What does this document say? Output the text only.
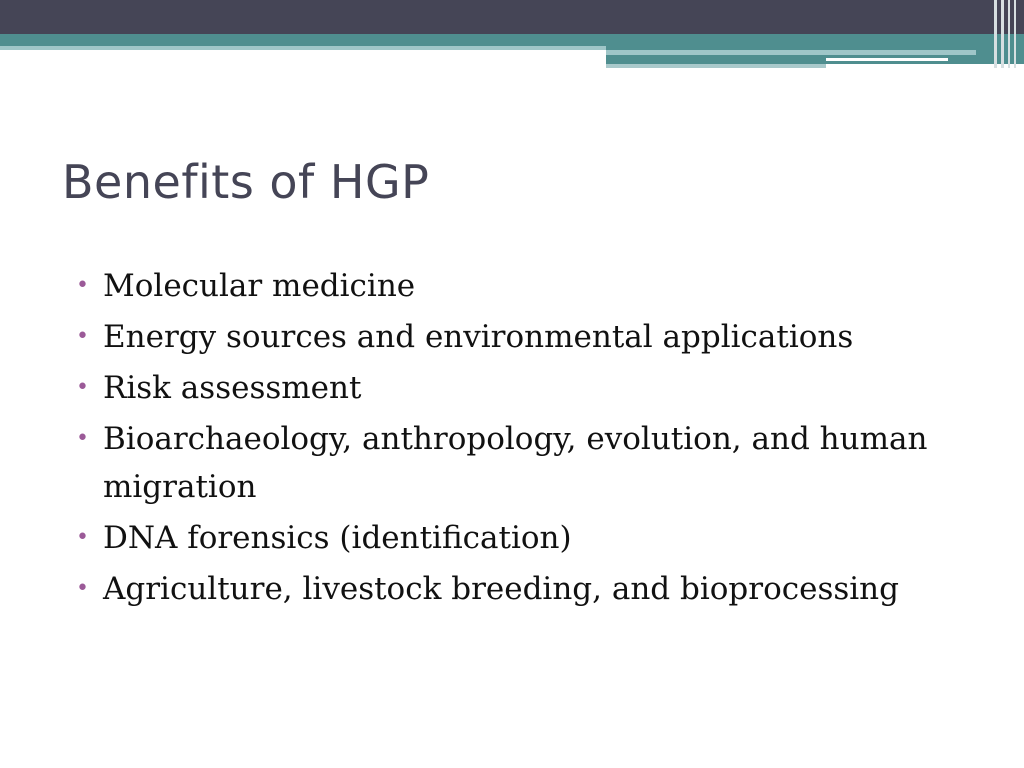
Benefits of HGP
• Molecular medicine
• Energy sources and environmental applications
• Risk assessment
• Bioarchaeology, anthropology, evolution, and human migration
• DNA forensics (identification)
• Agriculture, livestock breeding, and bioprocessing
